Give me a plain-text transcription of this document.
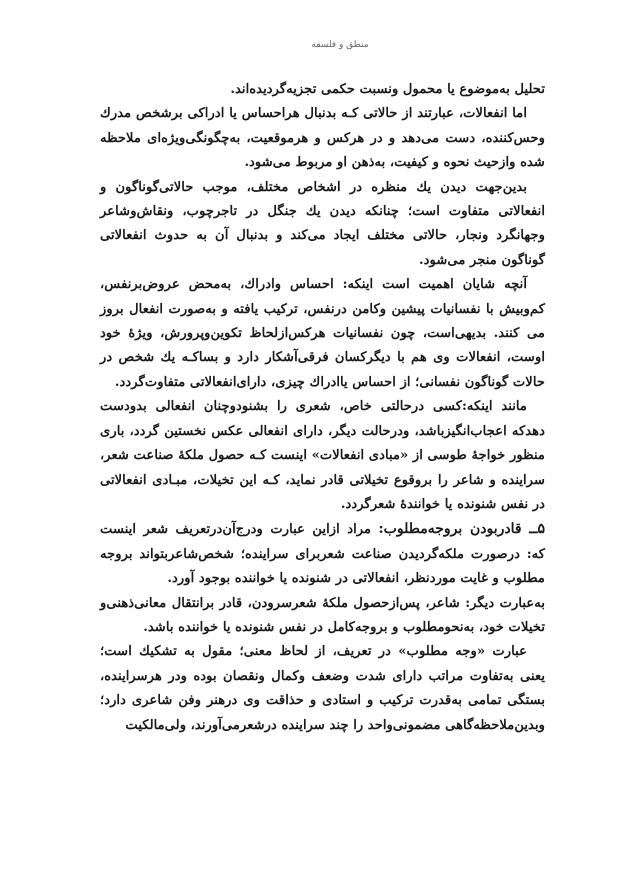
منطق و فلسفه

تحلیل بەموضوع یا محمول ونسبت حکمی تجزیەگردیدەاند.

اما انفعالات، عبارتند از حالاتی کـه بدنبال هراحساس یا ادراکی برشخص مدرك وحس‌کننده، دست می‌دهد و در هرکس و هرموقعیت، بەچگونگی‌ویژه‌ای ملاحظه شده وازحیث نحوه و کیفیت، بەذهن او مربوط می‌شود.

بدین‌جهت دیدن یك منظره در اشخاص مختلف، موجب حالاتی‌گوناگون و انفعالاتی متفاوت است؛ چنانکه دیدن یك جنگل در تاجرچوب، ونقاش‌وشاعر وجهانگرد ونجار، حالاتی مختلف ایجاد می‌کند و بدنبال آن به حدوث انفعالاتی گوناگون منجر می‌شود.

آنچه شایان اهمیت است اینکه: احساس وادراك، بەمحض عروض‌برنفس، کم‌وبیش با نفسانیات پیشین وکامن درنفس، ترکیب یافته و بەصورت انفعال بروز می کنند. بدیهی‌است، چون نفسانیات هرکس‌ازلحاظ تکوین‌وپرورش، ویژۀ خود اوست، انفعالات وی هم با دیگرکسان فرقی‌آشکار دارد و بساکـه یك شخص در حالات گوناگون نفسانی؛ از احساس یاادراك چیزی، دارای‌انفعالاتی متفاوت‌گردد.

مانند اینکه:کسی درحالتی خاص، شعری را بشنودوچنان انفعالی بدودست دهدکه اعجاب‌انگیزباشد، ودرحالت دیگر، دارای انفعالی عکس نخستین گردد، باری منظور خواجۀ طوسی از «مبادی انفعالات» اینست کـه حصول ملکۀ صناعت شعر، سراینده و شاعر را بروقوع تخیلاتی قادر نماید، کـه این تخیلات، مبـادی انفعالاتی در نفس شنونده یا خوانندۀ شعرگردد.

۵ــ قادربودن بروجه‌مطلوب: مراد ازاین عبارت ودرج‌آن‌درتعریف شعر اینست که: درصورت ملکه‌گردیدن صناعت شعربرای سراینده؛ شخص‌شاعربتواند بروجه مطلوب و غایت موردنظر، انفعالاتی در شنونده یا خواننده بوجود آورد.

بەعبارت دیگر: شاعر، پس‌ازحصول ملکۀ شعرسرودن، قادر برانتقال معانی‌ذهنی‌و تخیلات خود، بەنحومطلوب و بروجه‌کامل در نفس شنونده یا خواننده باشد.

عبارت «وجه مطلوب» در تعریف، از لحاظ معنی؛ مقول به تشکیك است؛ یعنی بەتفاوت مراتب دارای شدت وضعف وکمال ونقصان بوده ودر هرسراینده، بستگی تمامی بەقدرت ترکیب و استادی و حذاقت وی درهنر وفن شاعری دارد؛ وبدین‌ملاحظه‌گاهی مضمونی‌واحد را چند سراینده درشعرمی‌آورند، ولی‌مالکیت
